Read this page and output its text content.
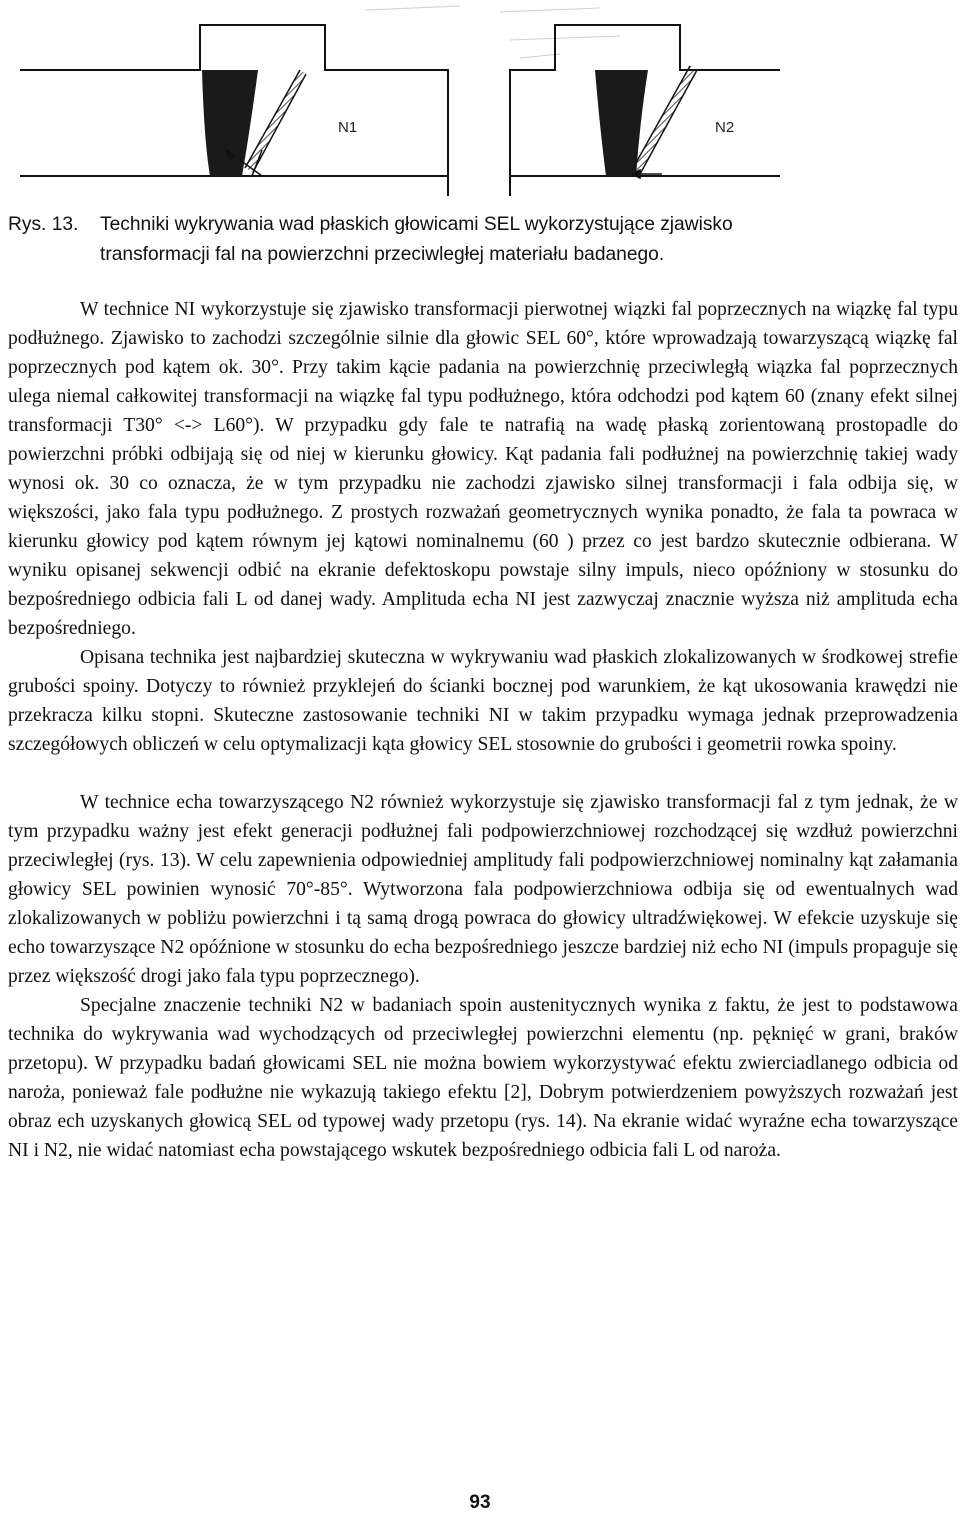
N1	N2
Rys. 13. Techniki wykrywania wad płaskich głowicami SEL wykorzystujące zjawisko
transformacji fal na powierzchni przeciwległej materiału badanego.

W technice NI wykorzystuje się zjawisko transformacji pierwotnej wiązki fal poprzecznych na wiązkę fal typu podłużnego. Zjawisko to zachodzi szczególnie silnie dla głowic SEL 60°, które wprowadzają towarzyszącą wiązkę fal poprzecznych pod kątem ok. 30°. Przy takim kącie padania na powierzchnię przeciwległą wiązka fal poprzecznych ulega niemal całkowitej transformacji na wiązkę fal typu podłużnego, która odchodzi pod kątem 60 (znany efekt silnej transformacji T30° <-> L60°). W przypadku gdy fale te natrafią na wadę płaską zorientowaną prostopadle do powierzchni próbki odbijają się od niej w kierunku głowicy. Kąt padania fali podłużnej na powierzchnię takiej wady wynosi ok. 30 co oznacza, że w tym przypadku nie zachodzi zjawisko silnej transformacji i fala odbija się, w większości, jako fala typu podłużnego. Z prostych rozważań geometrycznych wynika ponadto, że fala ta powraca w kierunku głowicy pod kątem równym jej kątowi nominalnemu (60 ) przez co jest bardzo skutecznie odbierana. W wyniku opisanej sekwencji odbić na ekranie defektoskopu powstaje silny impuls, nieco opóźniony w stosunku do bezpośredniego odbicia fali L od danej wady. Amplituda echa NI jest zazwyczaj znacznie wyższa niż amplituda echa bezpośredniego.

Opisana technika jest najbardziej skuteczna w wykrywaniu wad płaskich zlokalizowanych w środkowej strefie grubości spoiny. Dotyczy to również przyklejeń do ścianki bocznej pod warunkiem, że kąt ukosowania krawędzi nie przekracza kilku stopni. Skuteczne zastosowanie techniki NI w takim przypadku wymaga jednak przeprowadzenia szczegółowych obliczeń w celu optymalizacji kąta głowicy SEL stosownie do grubości i geometrii rowka spoiny.

W technice echa towarzyszącego N2 również wykorzystuje się zjawisko transformacji fal z tym jednak, że w tym przypadku ważny jest efekt generacji podłużnej fali podpowierzchniowej rozchodzącej się wzdłuż powierzchni przeciwległej (rys. 13). W celu zapewnienia odpowiedniej amplitudy fali podpowierzchniowej nominalny kąt załamania głowicy SEL powinien wynosić 70°-85°. Wytworzona fala podpowierzchniowa odbija się od ewentualnych wad zlokalizowanych w pobliżu powierzchni i tą samą drogą powraca do głowicy ultradźwiękowej. W efekcie uzyskuje się echo towarzyszące N2 opóźnione w stosunku do echa bezpośredniego jeszcze bardziej niż echo NI (impuls propaguje się przez większość drogi jako fala typu poprzecznego).

Specjalne znaczenie techniki N2 w badaniach spoin austenitycznych wynika z faktu, że jest to podstawowa technika do wykrywania wad wychodzących od przeciwległej powierzchni elementu (np. pęknięć w grani, braków przetopu). W przypadku badań głowicami SEL nie można bowiem wykorzystywać efektu zwierciadlanego odbicia od naroża, ponieważ fale podłużne nie wykazują takiego efektu [2], Dobrym potwierdzeniem powyższych rozważań jest obraz ech uzyskanych głowicą SEL od typowej wady przetopu (rys. 14). Na ekranie widać wyraźne echa towarzyszące NI i N2, nie widać natomiast echa powstającego wskutek bezpośredniego odbicia fali L od naroża.

93
